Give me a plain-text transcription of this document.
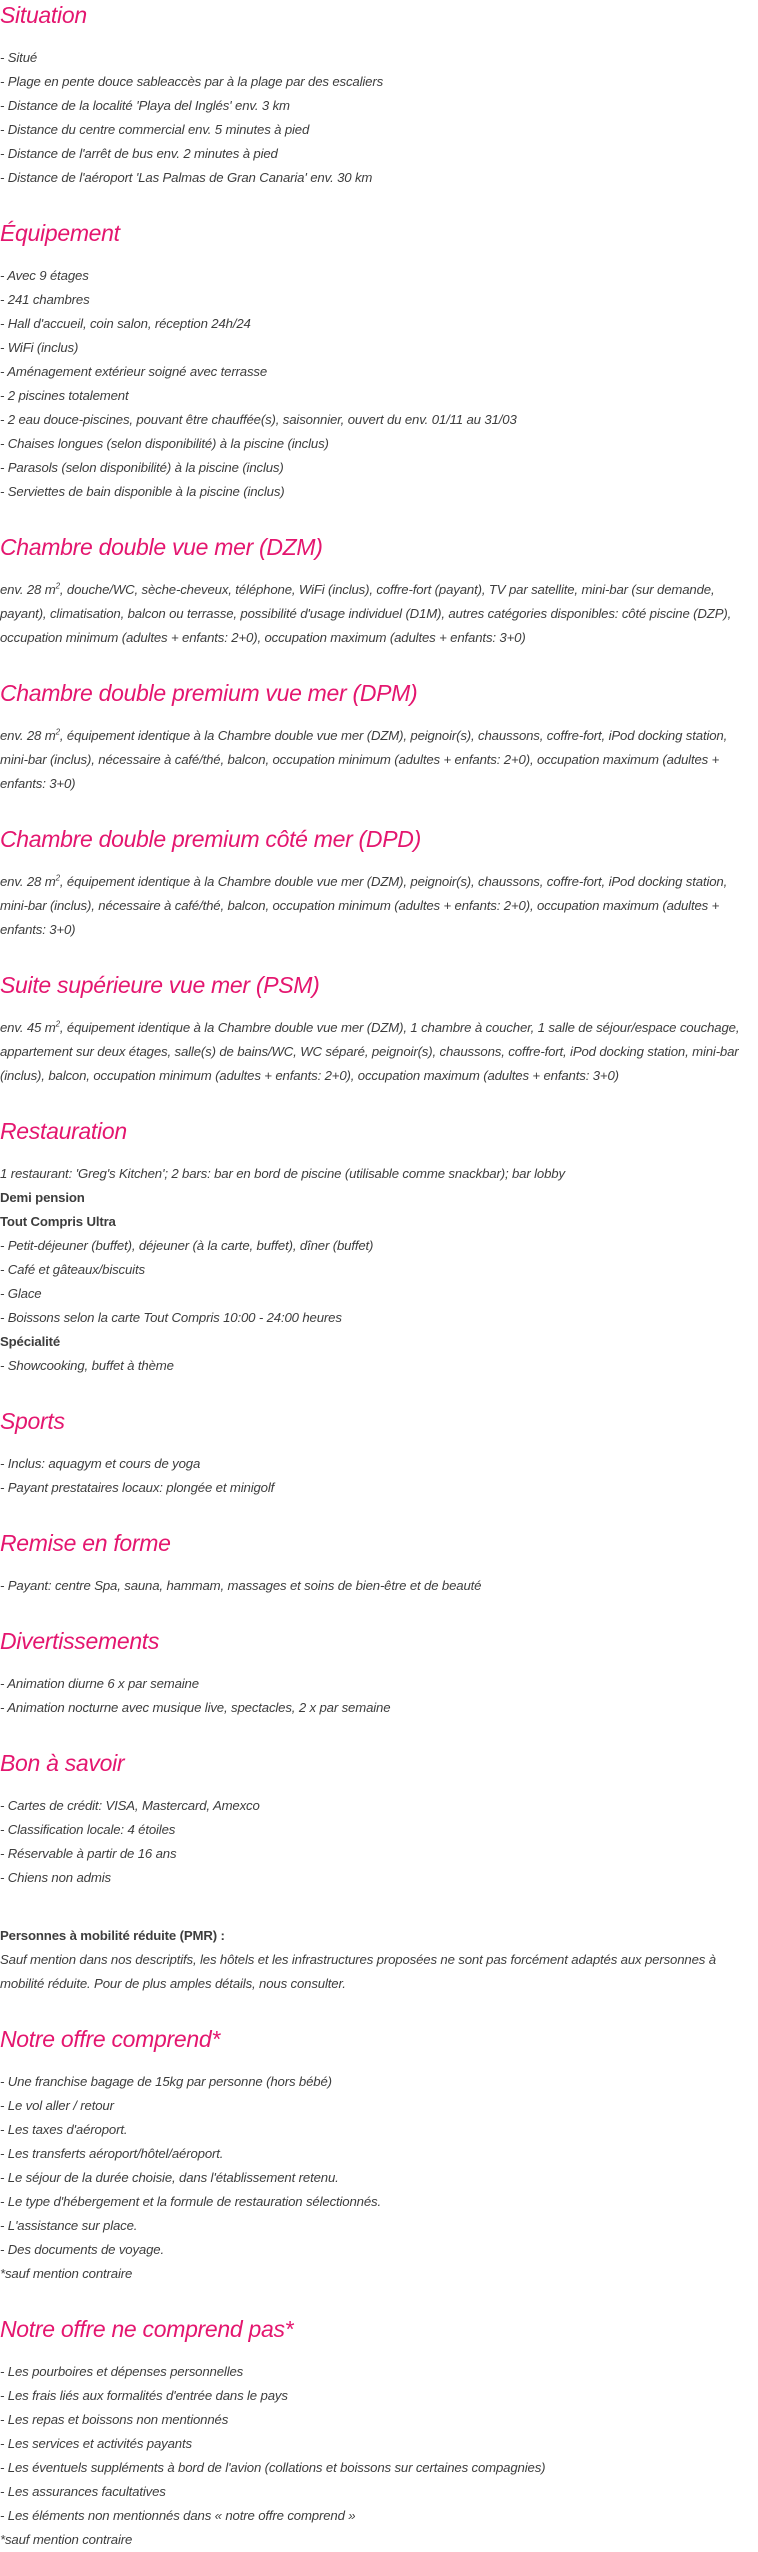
Situation
- Situé
- Plage en pente douce sableaccès par à la plage par des escaliers
- Distance de la localité 'Playa del Inglés' env. 3 km
- Distance du centre commercial env. 5 minutes à pied
- Distance de l'arrêt de bus env. 2 minutes à pied
- Distance de l'aéroport 'Las Palmas de Gran Canaria' env. 30 km
Équipement
- Avec 9 étages
- 241 chambres
- Hall d'accueil, coin salon, réception 24h/24
- WiFi (inclus)
- Aménagement extérieur soigné avec terrasse
- 2 piscines totalement
- 2 eau douce-piscines, pouvant être chauffée(s), saisonnier, ouvert du env. 01/11 au 31/03
- Chaises longues (selon disponibilité) à la piscine (inclus)
- Parasols (selon disponibilité) à la piscine (inclus)
- Serviettes de bain disponible à la piscine (inclus)
Chambre double vue mer (DZM)
env. 28 $m^2$, douche/WC, sèche-cheveux, téléphone, WiFi (inclus), coffre-fort (payant), TV par satellite, mini-bar (sur demande, payant), climatisation, balcon ou terrasse, possibilité d'usage individuel (D1M), autres catégories disponibles: côté piscine (DZP), occupation minimum (adultes + enfants: 2+0), occupation maximum (adultes + enfants: 3+0)
Chambre double premium vue mer (DPM)
env. 28 $m^2$, équipement identique à la Chambre double vue mer (DZM), peignoir(s), chaussons, coffre-fort, iPod docking station, mini-bar (inclus), nécessaire à café/thé, balcon, occupation minimum (adultes + enfants: 2+0), occupation maximum (adultes + enfants: 3+0)
Chambre double premium côté mer (DPD)
env. 28 $m^2$, équipement identique à la Chambre double vue mer (DZM), peignoir(s), chaussons, coffre-fort, iPod docking station, mini-bar (inclus), nécessaire à café/thé, balcon, occupation minimum (adultes + enfants: 2+0), occupation maximum (adultes + enfants: 3+0)
Suite supérieure vue mer (PSM)
env. 45 $m^2$, équipement identique à la Chambre double vue mer (DZM), 1 chambre à coucher, 1 salle de séjour/espace couchage, appartement sur deux étages, salle(s) de bains/WC, WC séparé, peignoir(s), chaussons, coffre-fort, iPod docking station, mini-bar (inclus), balcon, occupation minimum (adultes + enfants: 2+0), occupation maximum (adultes + enfants: 3+0)
Restauration
1 restaurant: 'Greg's Kitchen'; 2 bars: bar en bord de piscine (utilisable comme snackbar); bar lobby
Demi pension
Tout Compris Ultra
- Petit-déjeuner (buffet), déjeuner (à la carte, buffet), dîner (buffet)
- Café et gâteaux/biscuits
- Glace
- Boissons selon la carte Tout Compris 10:00 - 24:00 heures
Spécialité
- Showcooking, buffet à thème
Sports
- Inclus: aquagym et cours de yoga
- Payant prestataires locaux: plongée et minigolf
Remise en forme
- Payant: centre Spa, sauna, hammam, massages et soins de bien-être et de beauté
Divertissements
- Animation diurne 6 x par semaine
- Animation nocturne avec musique live, spectacles, 2 x par semaine
Bon à savoir
- Cartes de crédit: VISA, Mastercard, Amexco
- Classification locale: 4 étoiles
- Réservable à partir de 16 ans
- Chiens non admis
Personnes à mobilité réduite (PMR) :
Sauf mention dans nos descriptifs, les hôtels et les infrastructures proposées ne sont pas forcément adaptés aux personnes à mobilité réduite. Pour de plus amples détails, nous consulter.
Notre offre comprend*
- Une franchise bagage de 15kg par personne (hors bébé)
- Le vol aller / retour
- Les taxes d'aéroport.
- Les transferts aéroport/hôtel/aéroport.
- Le séjour de la durée choisie, dans l'établissement retenu.
- Le type d'hébergement et la formule de restauration sélectionnés.
- L'assistance sur place.
- Des documents de voyage.
*sauf mention contraire
Notre offre ne comprend pas*
- Les pourboires et dépenses personnelles
- Les frais liés aux formalités d'entrée dans le pays
- Les repas et boissons non mentionnés
- Les services et activités payants
- Les éventuels suppléments à bord de l'avion (collations et boissons sur certaines compagnies)
- Les assurances facultatives
- Les éléments non mentionnés dans « notre offre comprend »
*sauf mention contraire
